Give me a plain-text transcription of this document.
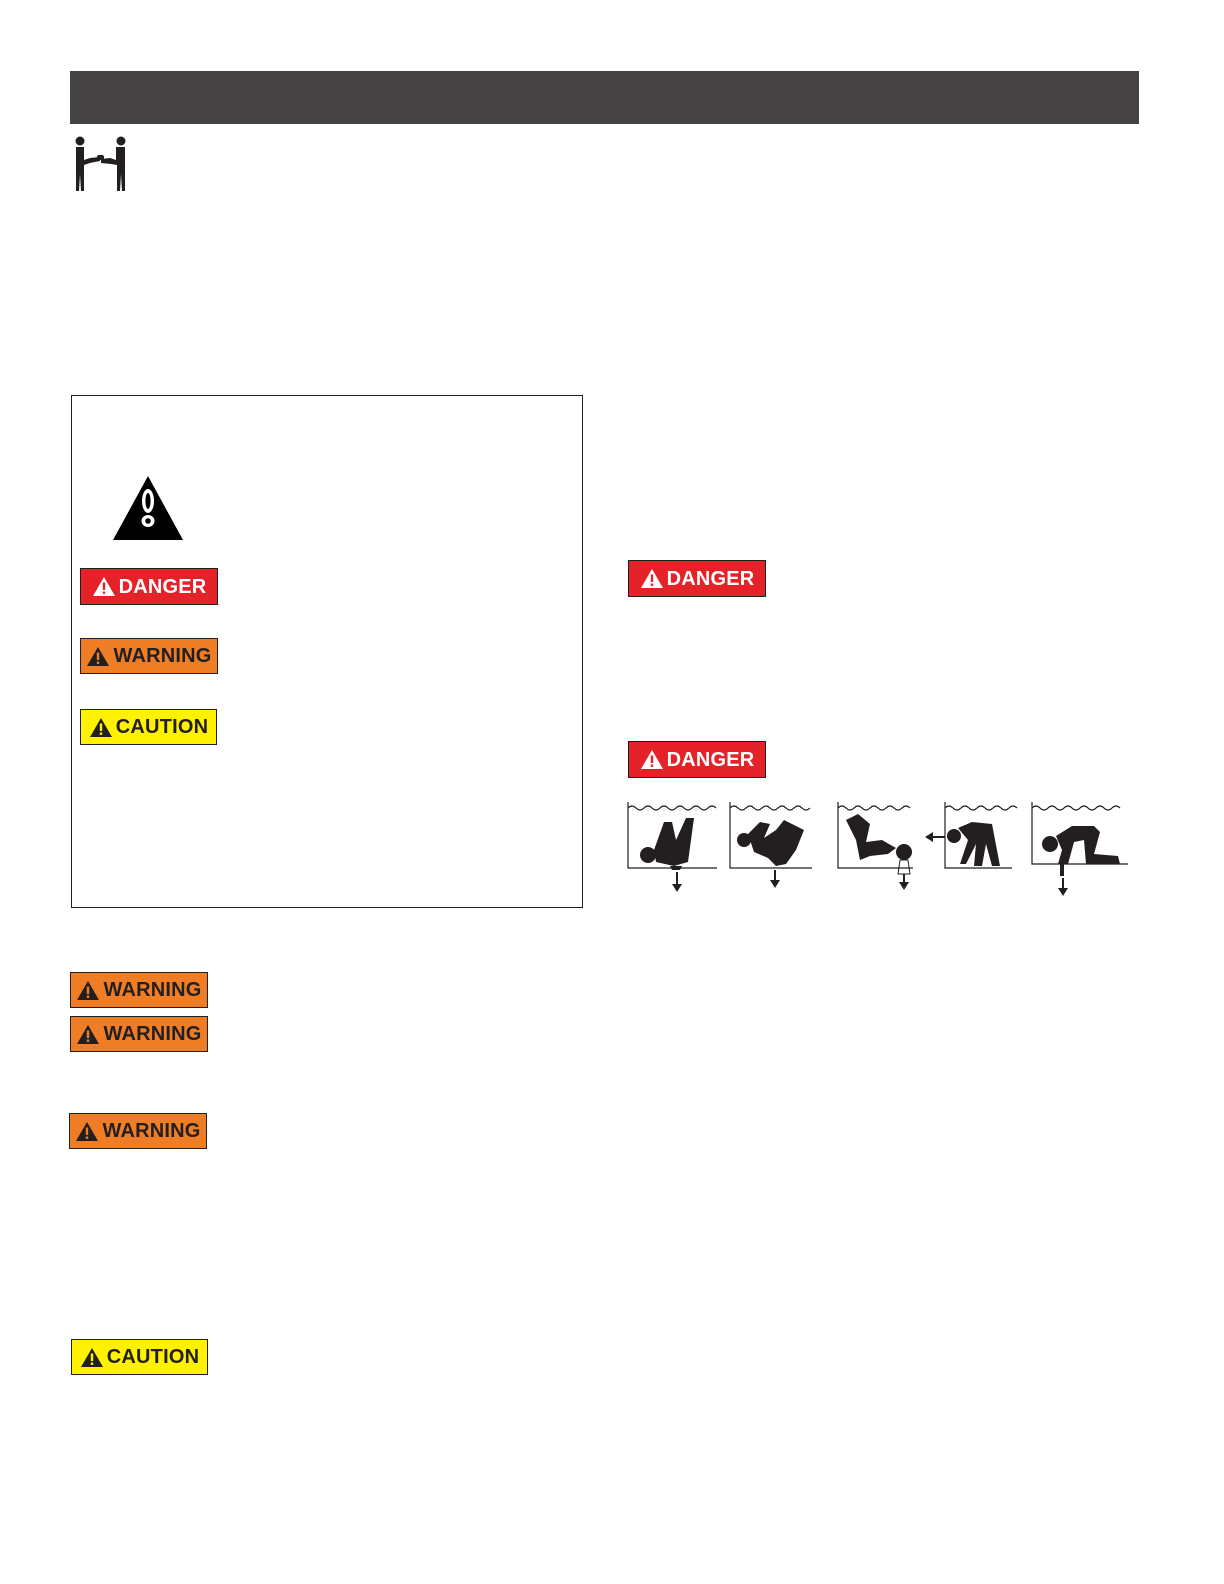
DANGER
WARNING
CAUTION
WARNING
WARNING
WARNING
CAUTION
DANGER
DANGER
